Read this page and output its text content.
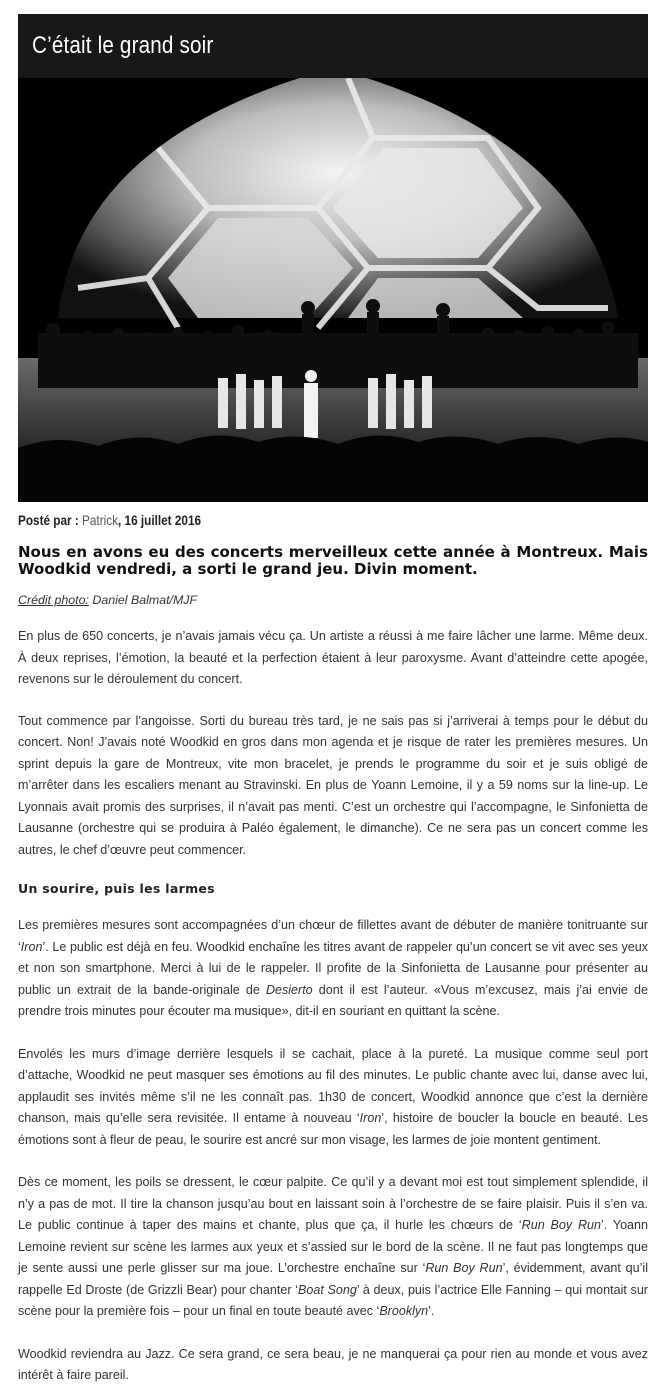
C’était le grand soir
Posté par : Patrick, 16 juillet 2016

Nous en avons eu des concerts merveilleux cette année à Montreux. Mais Woodkid vendredi, a sorti le grand jeu. Divin moment.

Crédit photo: Daniel Balmat/MJF

En plus de 650 concerts, je n’avais jamais vécu ça. Un artiste a réussi à me faire lâcher une larme. Même deux. À deux reprises, l’émotion, la beauté et la perfection étaient à leur paroxysme. Avant d’atteindre cette apogée, revenons sur le déroulement du concert.

Tout commence par l’angoisse. Sorti du bureau très tard, je ne sais pas si j’arriverai à temps pour le début du concert. Non! J’avais noté Woodkid en gros dans mon agenda et je risque de rater les premières mesures. Un sprint depuis la gare de Montreux, vite mon bracelet, je prends le programme du soir et je suis obligé de m’arrêter dans les escaliers menant au Stravinski. En plus de Yoann Lemoine, il y a 59 noms sur la line-up. Le Lyonnais avait promis des surprises, il n’avait pas menti. C’est un orchestre qui l’accompagne, le Sinfonietta de Lausanne (orchestre qui se produira à Paléo également, le dimanche). Ce ne sera pas un concert comme les autres, le chef d’œuvre peut commencer.

Un sourire, puis les larmes

Les premières mesures sont accompagnées d’un chœur de fillettes avant de débuter de manière tonitruante sur ‘Iron’. Le public est déjà en feu. Woodkid enchaîne les titres avant de rappeler qu’un concert se vit avec ses yeux et non son smartphone. Merci à lui de le rappeler. Il profite de la Sinfonietta de Lausanne pour présenter au public un extrait de la bande-originale de Desierto dont il est l’auteur. «Vous m’excusez, mais j’ai envie de prendre trois minutes pour écouter ma musique», dit-il en souriant en quittant la scène.

Envolés les murs d’image derrière lesquels il se cachait, place à la pureté. La musique comme seul port d’attache, Woodkid ne peut masquer ses émotions au fil des minutes. Le public chante avec lui, danse avec lui, applaudit ses invités même s’il ne les connaît pas. 1h30 de concert, Woodkid annonce que c’est la dernière chanson, mais qu’elle sera revisitée. Il entame à nouveau ‘Iron’, histoire de boucler la boucle en beauté. Les émotions sont à fleur de peau, le sourire est ancré sur mon visage, les larmes de joie montent gentiment.

Dès ce moment, les poils se dressent, le cœur palpite. Ce qu’il y a devant moi est tout simplement splendide, il n’y a pas de mot. Il tire la chanson jusqu’au bout en laissant soin à l’orchestre de se faire plaisir. Puis il s’en va. Le public continue à taper des mains et chante, plus que ça, il hurle les chœurs de ‘Run Boy Run’. Yoann Lemoine revient sur scène les larmes aux yeux et s’assied sur le bord de la scène. Il ne faut pas longtemps que je sente aussi une perle glisser sur ma joue. L’orchestre enchaîne sur ‘Run Boy Run’, évidemment, avant qu’il rappelle Ed Droste (de Grizzli Bear) pour chanter ‘Boat Song’ à deux, puis l’actrice Elle Fanning – qui montait sur scène pour la première fois – pour un final en toute beauté avec ‘Brooklyn’.

Woodkid reviendra au Jazz. Ce sera grand, ce sera beau, je ne manquerai ça pour rien au monde et vous avez intérêt à faire pareil.
